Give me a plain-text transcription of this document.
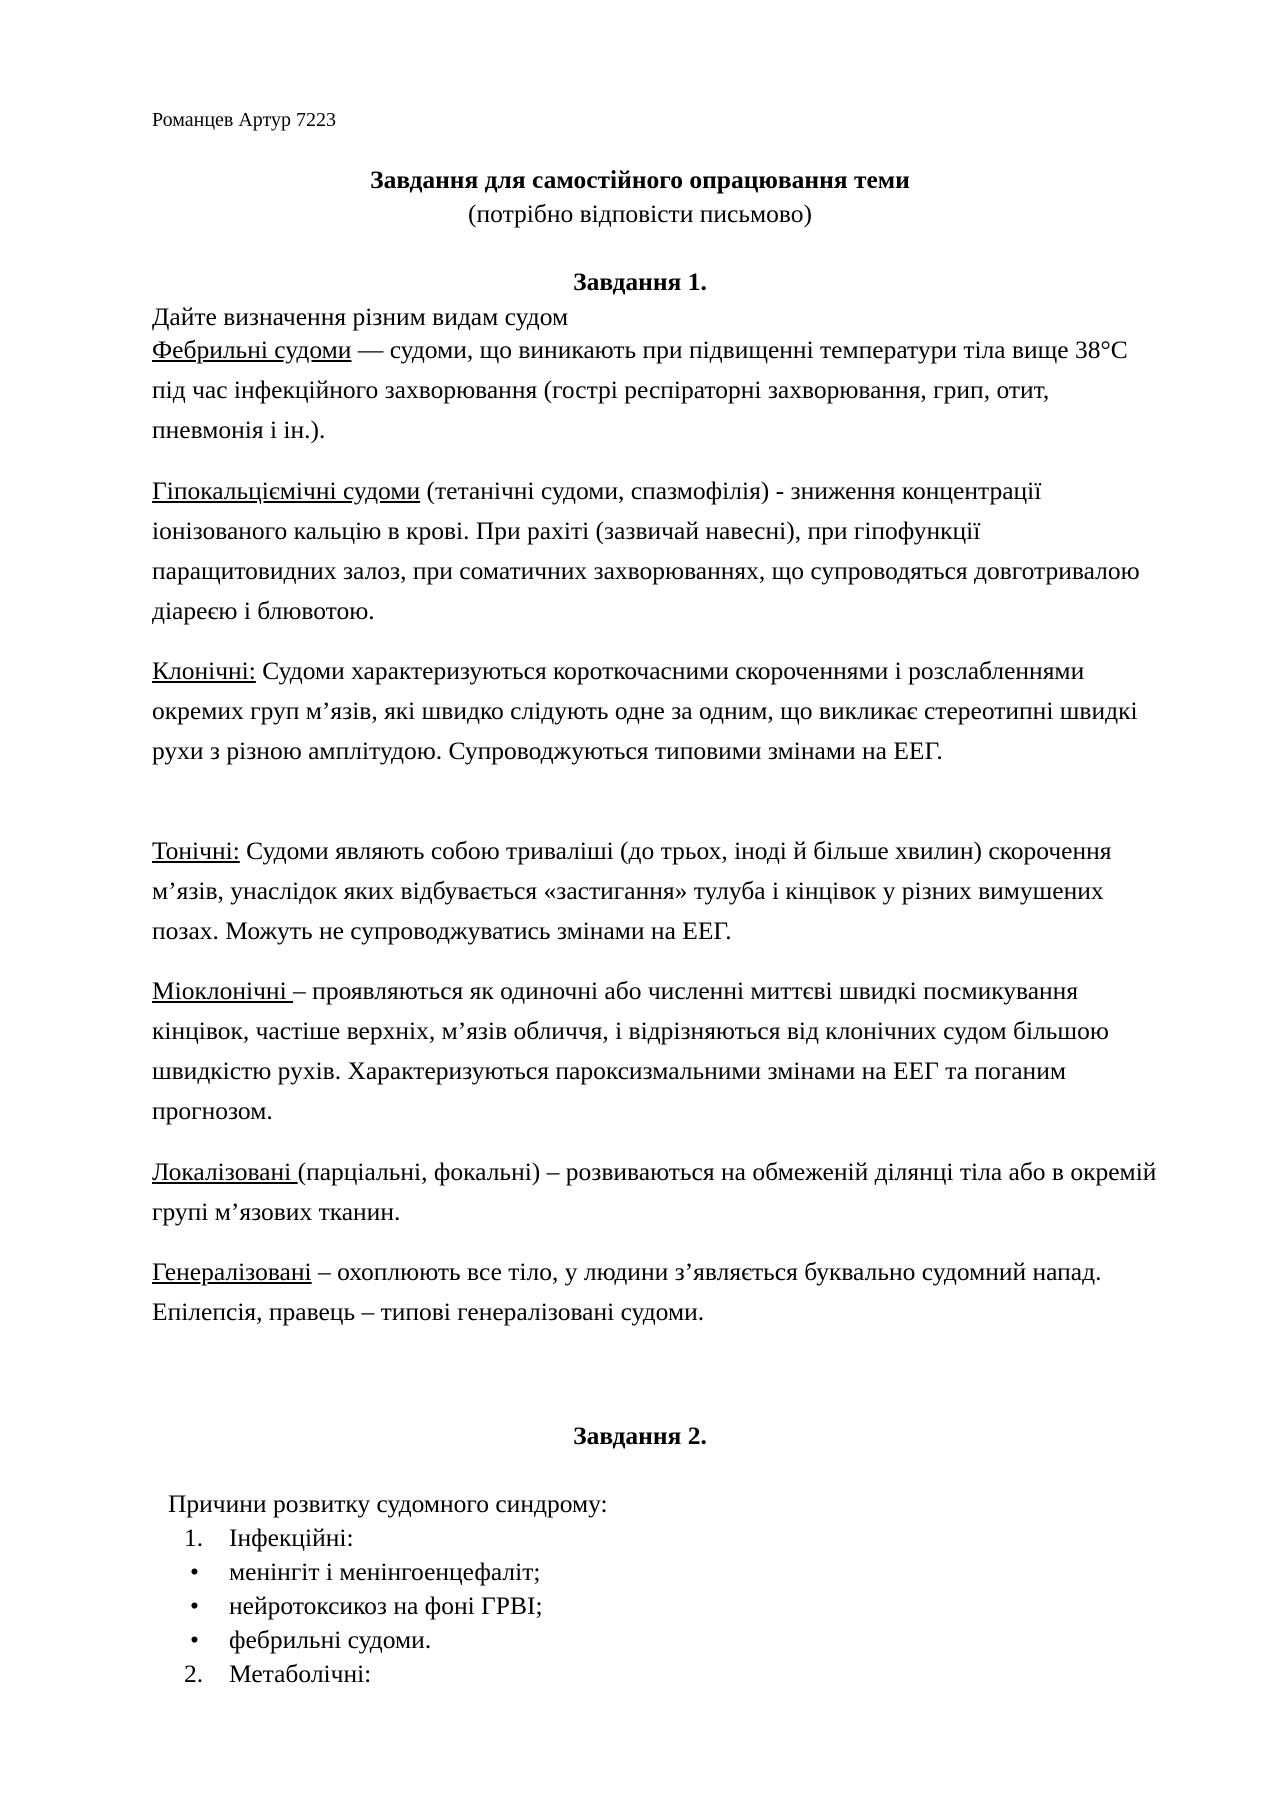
Романцев Артур 7223

Завдання для самостійного опрацювання теми

(потрібно відповісти письмово)

Завдання 1.

Дайте визначення різним видам судом

Фебрильні судоми — судоми, що виникають при підвищенні температури тіла вище 38°C під час інфекційного захворювання (гострі респіраторні захворювання, грип, отит, пневмонія і ін.).

Гіпокальціємічні судоми (тетанічні судоми, спазмофілія) - зниження концентрації іонізованого кальцію в крові. При рахіті (зазвичай навесні), при гіпофункції паращитовидних залоз, при соматичних захворюваннях, що супроводяться довготривалою діареєю і блювотою.

Клонічні: Судоми характеризуються короткочасними скороченнями і розслабленнями окремих груп м’язів, які швидко слідують одне за одним, що викликає стереотипні швидкі рухи з різною амплітудою. Супроводжуються типовими змінами на ЕЕГ.

Тонічні: Судоми являють собою триваліші (до трьох, іноді й більше хвилин) скорочення м’язів, унаслідок яких відбувається «застигання» тулуба і кінцівок у різних вимушених позах. Можуть не супроводжуватись змінами на ЕЕГ.

Міоклонічні – проявляються як одиночні або численні миттєві швидкі посмикування кінцівок, частіше верхніх, м’язів обличчя, і відрізняються від клонічних судом більшою швидкістю рухів. Характеризуються пароксизмальними змінами на ЕЕГ та поганим прогнозом.

Локалізовані (парціальні, фокальні) – розвиваються на обмеженій ділянці тіла або в окремій групі м’язових тканин.

Генералізовані – охоплюють все тіло, у людини з’являється буквально судомний напад. Епілепсія, правець – типові генералізовані судоми.

Завдання 2.

Причини розвитку судомного синдрому:

1. Інфекційні:
• менінгіт і менінгоенцефаліт;
• нейротоксикоз на фоні ГРВІ;
• фебрильні судоми.
2. Метаболічні:
